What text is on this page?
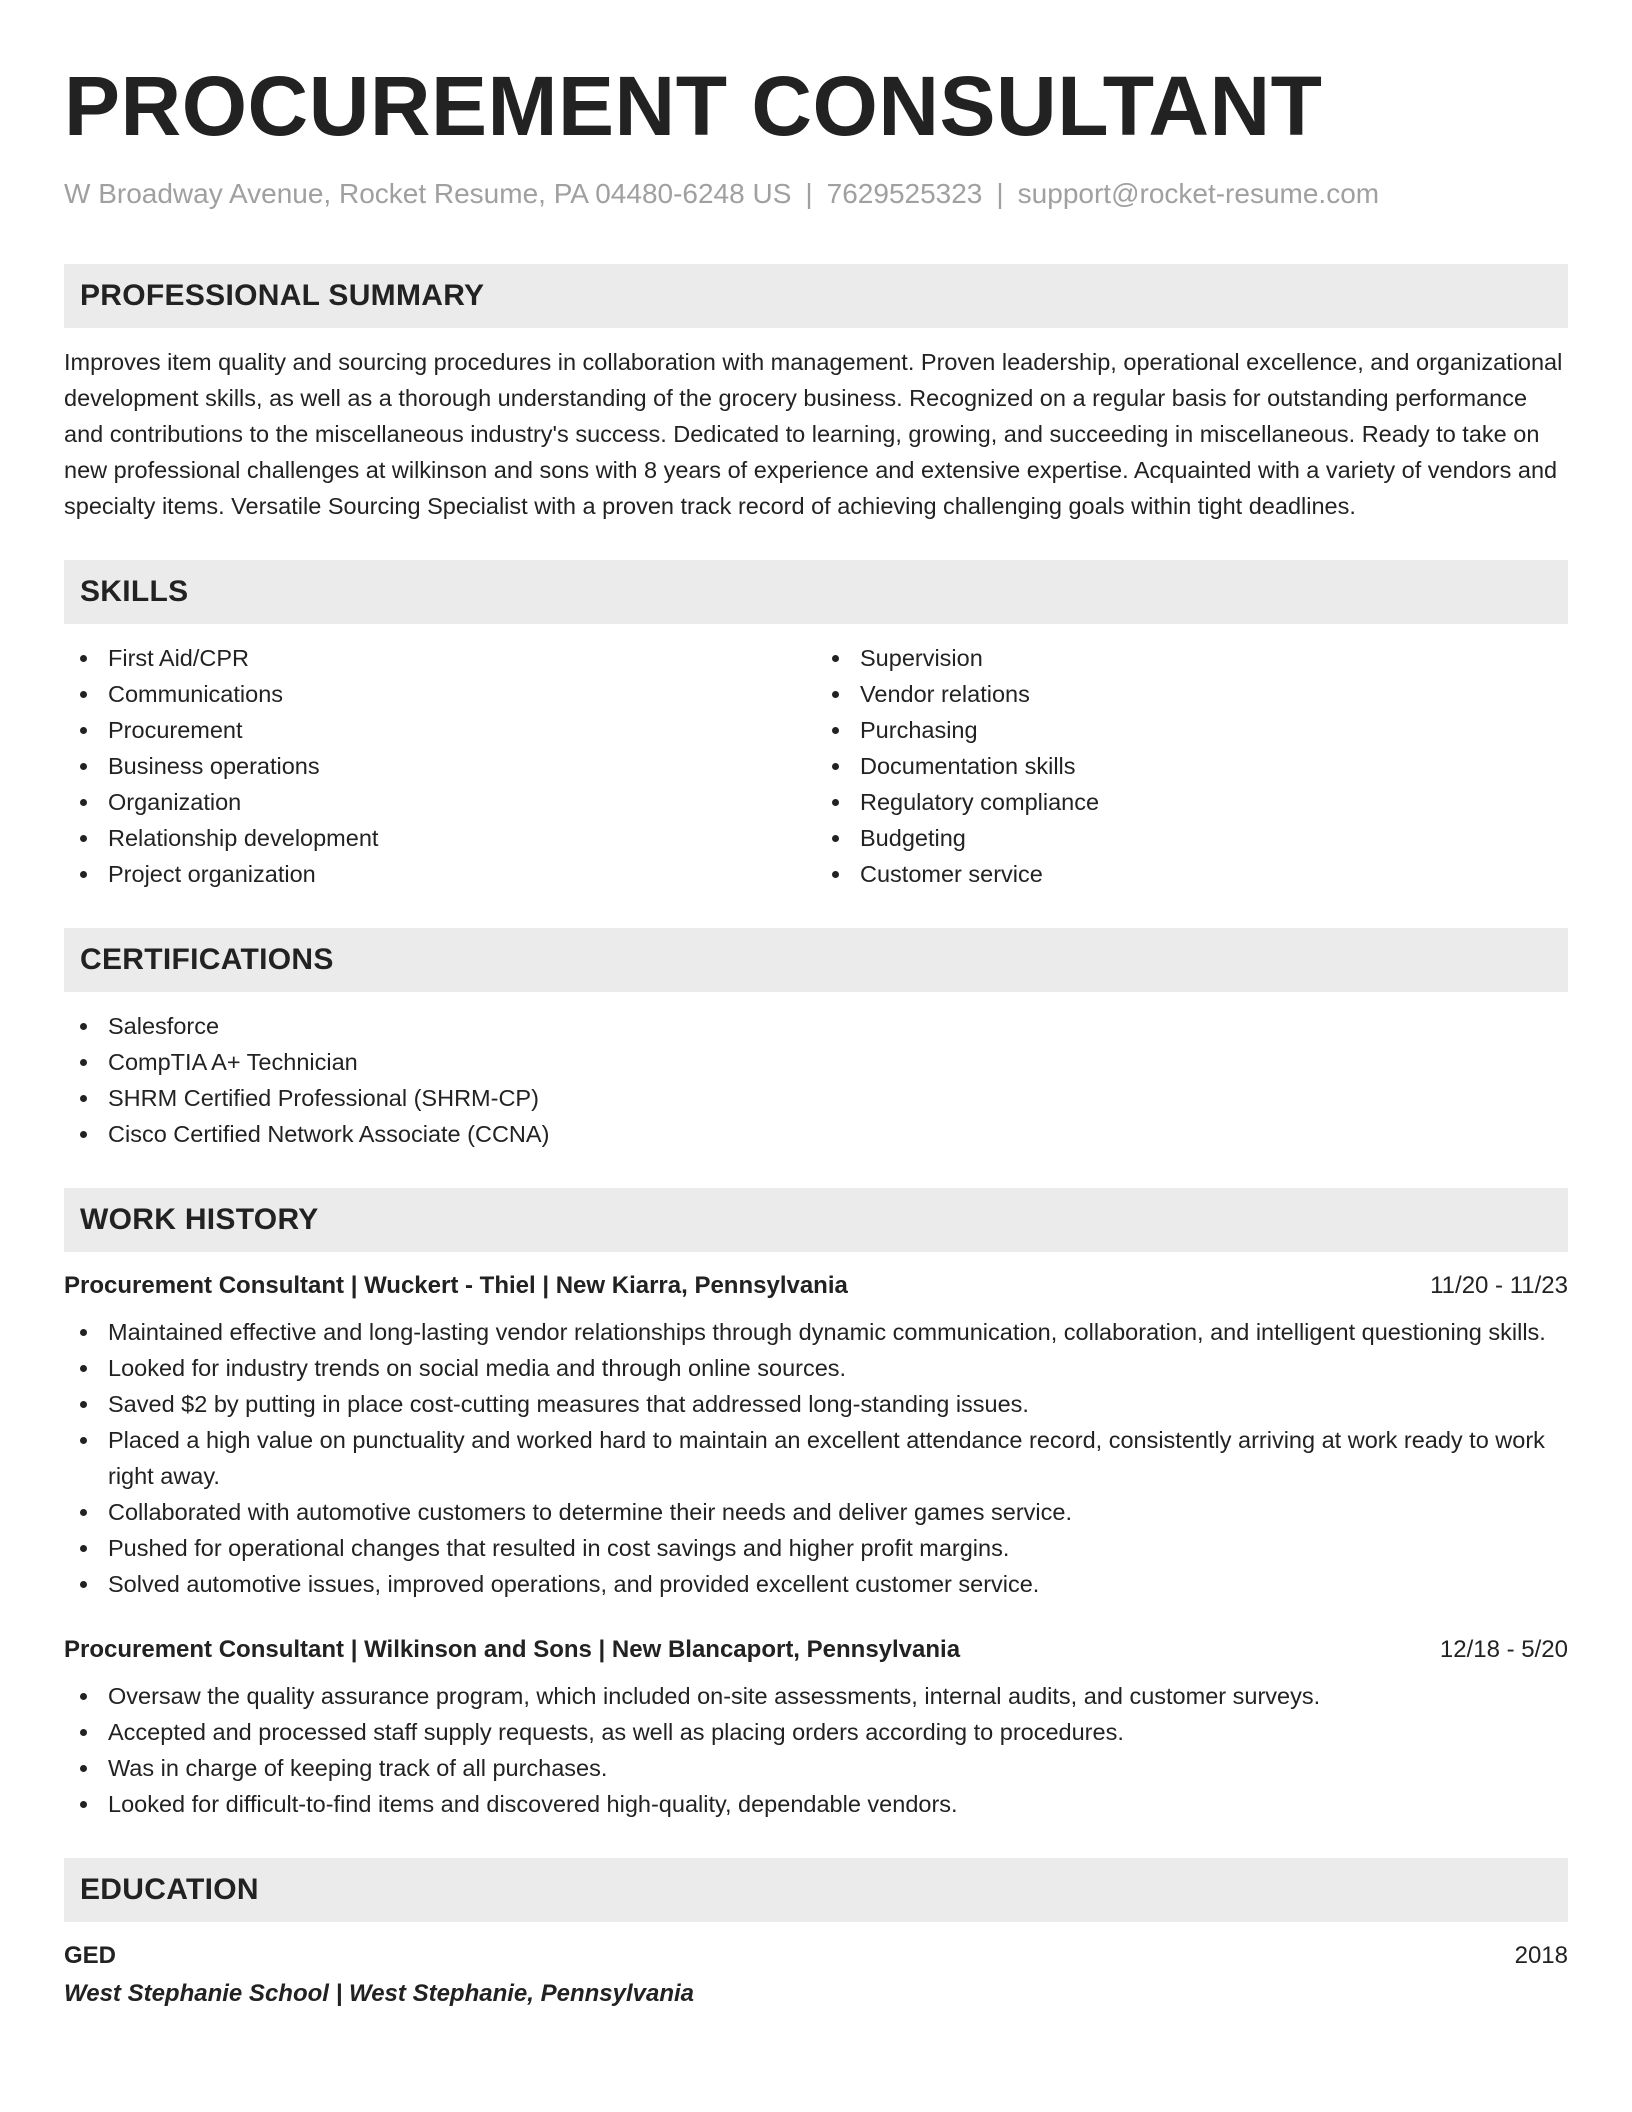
PROCUREMENT CONSULTANT
W Broadway Avenue, Rocket Resume, PA 04480-6248 US | 7629525323 | support@rocket-resume.com
PROFESSIONAL SUMMARY

Improves item quality and sourcing procedures in collaboration with management. Proven leadership, operational excellence, and organizational development skills, as well as a thorough understanding of the grocery business. Recognized on a regular basis for outstanding performance and contributions to the miscellaneous industry's success. Dedicated to learning, growing, and succeeding in miscellaneous. Ready to take on new professional challenges at wilkinson and sons with 8 years of experience and extensive expertise. Acquainted with a variety of vendors and specialty items. Versatile Sourcing Specialist with a proven track record of achieving challenging goals within tight deadlines.

SKILLS
First Aid/CPR
Communications
Procurement
Business operations
Organization
Relationship development
Project organization
Supervision
Vendor relations
Purchasing
Documentation skills
Regulatory compliance
Budgeting
Customer service
CERTIFICATIONS
Salesforce
CompTIA A+ Technician
SHRM Certified Professional (SHRM-CP)
Cisco Certified Network Associate (CCNA)
WORK HISTORY
Procurement Consultant | Wuckert - Thiel | New Kiarra, Pennsylvania	11/20 - 11/23
Maintained effective and long-lasting vendor relationships through dynamic communication, collaboration, and intelligent questioning skills.
Looked for industry trends on social media and through online sources.
Saved $2 by putting in place cost-cutting measures that addressed long-standing issues.
Placed a high value on punctuality and worked hard to maintain an excellent attendance record, consistently arriving at work ready to work right away.
Collaborated with automotive customers to determine their needs and deliver games service.
Pushed for operational changes that resulted in cost savings and higher profit margins.
Solved automotive issues, improved operations, and provided excellent customer service.
Procurement Consultant | Wilkinson and Sons | New Blancaport, Pennsylvania	12/18 - 5/20
Oversaw the quality assurance program, which included on-site assessments, internal audits, and customer surveys.
Accepted and processed staff supply requests, as well as placing orders according to procedures.
Was in charge of keeping track of all purchases.
Looked for difficult-to-find items and discovered high-quality, dependable vendors.
EDUCATION
GED	2018
West Stephanie School | West Stephanie, Pennsylvania
